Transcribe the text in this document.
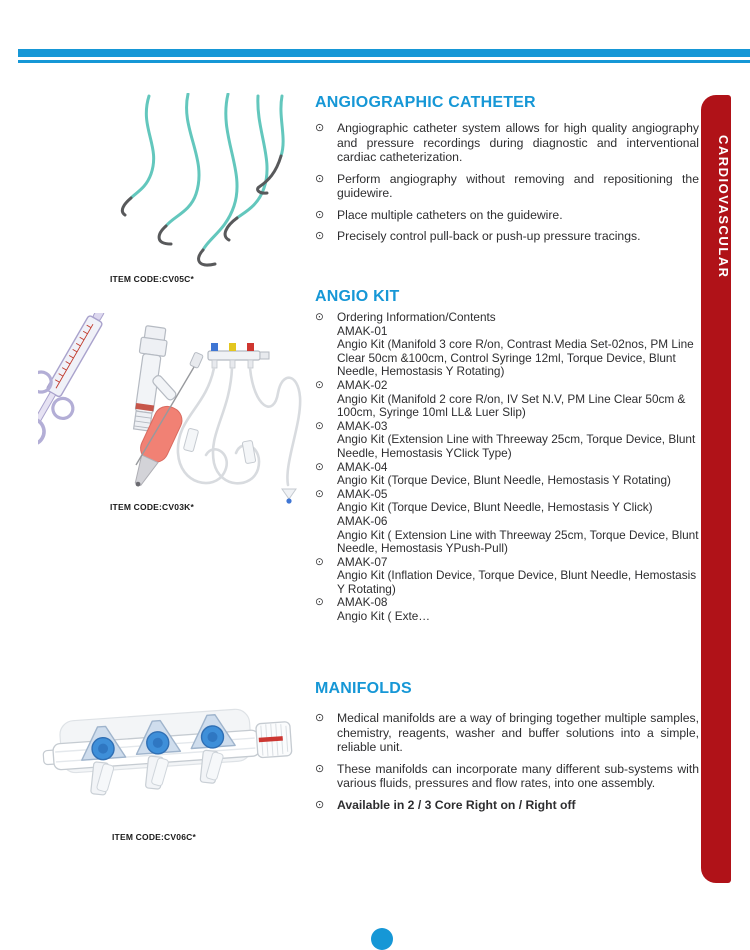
CARDIOVASCULAR
ITEM CODE:CV05C*
ANGIOGRAPHIC CATHETER
⊙	Angiographic catheter system allows for high quality angiography and pressure recordings during diagnostic and interventional cardiac catheterization.
⊙	Perform angiography without removing and repositioning the guidewire.
⊙	Place multiple catheters on the guidewire.
⊙	Precisely control pull-back or push-up pressure tracings.
ITEM CODE:CV03K*
ANGIO KIT
⊙	Ordering Information/Contents
AMAK-01
Angio Kit (Manifold 3 core R/on, Contrast Media Set-02nos, PM Line Clear 50cm &100cm, Control Syringe 12ml, Torque Device, Blunt Needle, Hemostasis Y Rotating)
⊙	AMAK-02
Angio Kit (Manifold 2 core R/on, IV Set N.V, PM Line Clear 50cm & 100cm, Syringe 10ml LL& Luer Slip)
⊙	AMAK-03
Angio Kit (Extension Line with Threeway 25cm, Torque Device, Blunt Needle, Hemostasis YClick Type)
⊙	AMAK-04
Angio Kit (Torque Device, Blunt Needle, Hemostasis Y Rotating)
⊙	AMAK-05
Angio Kit (Torque Device, Blunt Needle, Hemostasis Y Click)
AMAK-06
Angio Kit ( Extension Line with Threeway 25cm, Torque Device, Blunt Needle, Hemostasis YPush-Pull)
⊙	AMAK-07
Angio Kit (Inflation Device, Torque Device, Blunt Needle, Hemostasis Y Rotating)
⊙	AMAK-08
Angio Kit ( Exte…
ITEM CODE:CV06C*
MANIFOLDS
⊙	Medical manifolds are a way of bringing together multiple samples, chemistry, reagents, washer and buffer solutions into a simple, reliable unit.
⊙	These manifolds can incorporate many different sub-systems with various fluids, pressures and flow rates, into one assembly.
⊙	Available in 2 / 3 Core Right on / Right off
